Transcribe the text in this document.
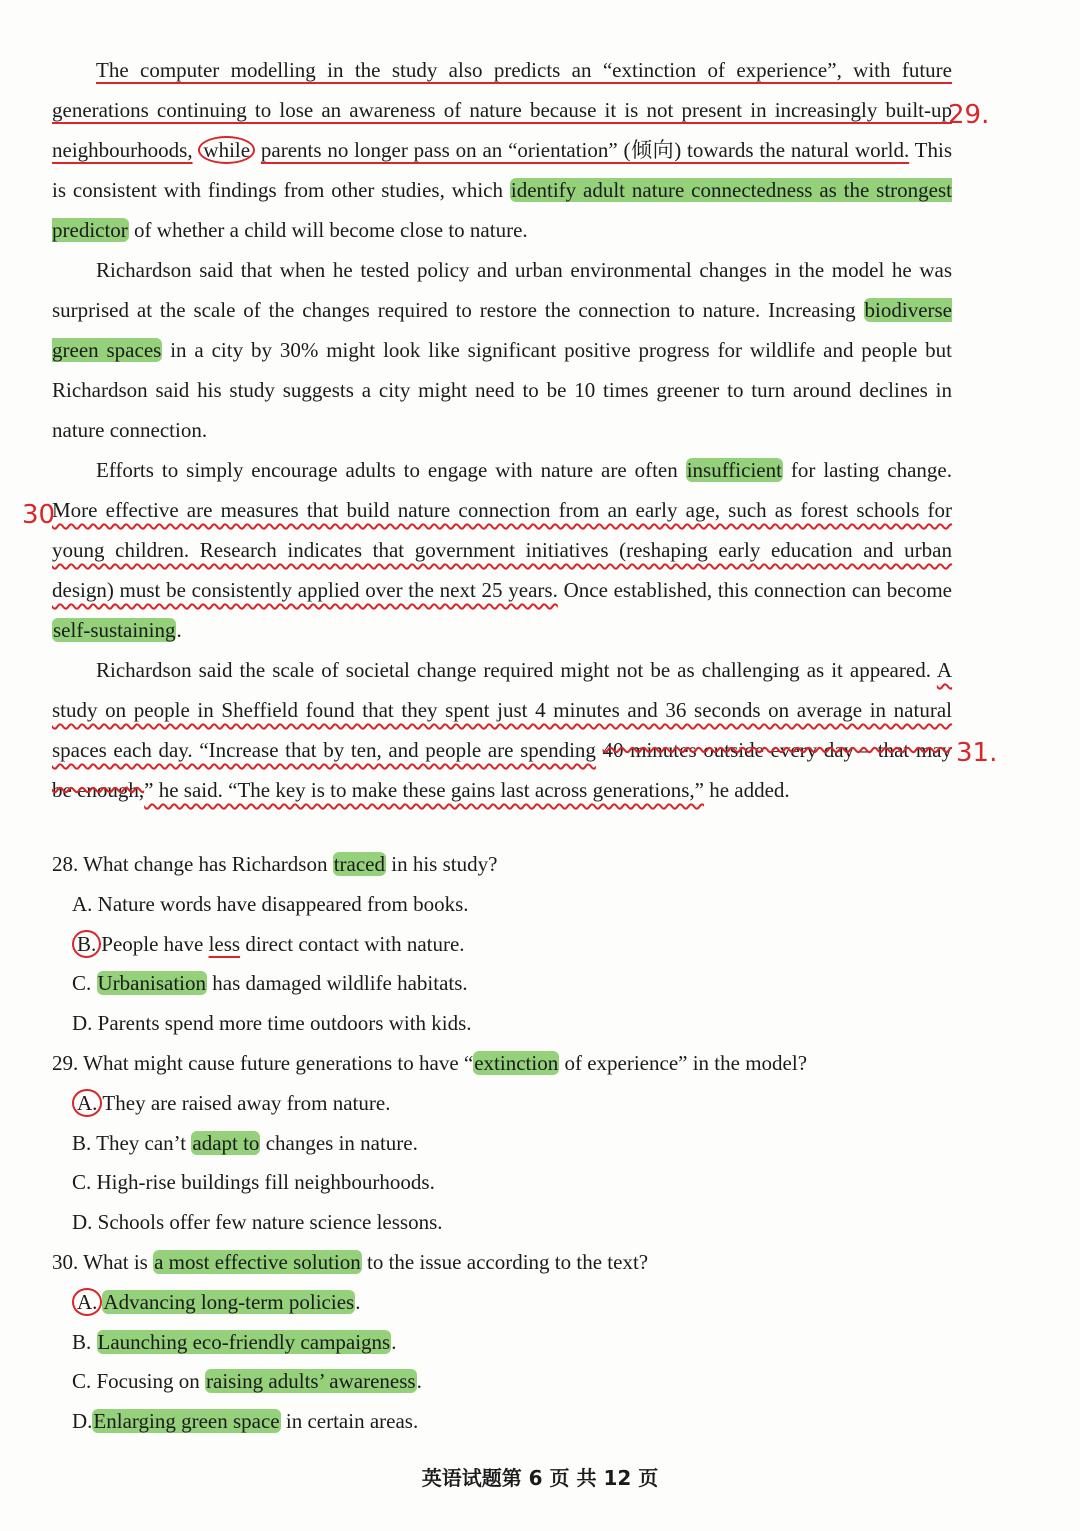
The computer modelling in the study also predicts an “extinction of experience”, with future generations continuing to lose an awareness of nature because it is not present in increasingly built-up neighbourhoods, while parents no longer pass on an “orientation” (倾向) towards the natural world. This is consistent with findings from other studies, which identify adult nature connectedness as the strongest predictor of whether a child will become close to nature.

Richardson said that when he tested policy and urban environmental changes in the model he was surprised at the scale of the changes required to restore the connection to nature. Increasing biodiverse green spaces in a city by 30% might look like significant positive progress for wildlife and people but Richardson said his study suggests a city might need to be 10 times greener to turn around declines in nature connection.

Efforts to simply encourage adults to engage with nature are often insufficient for lasting change. More effective are measures that build nature connection from an early age, such as forest schools for young children. Research indicates that government initiatives (reshaping early education and urban design) must be consistently applied over the next 25 years. Once established, this connection can become self-sustaining.

Richardson said the scale of societal change required might not be as challenging as it appeared. A study on people in Sheffield found that they spent just 4 minutes and 36 seconds on average in natural spaces each day. “Increase that by ten, and people are spending 40 minutes outside every day – that may be enough,” he said. “The key is to make these gains last across generations,” he added.

29.
30
31.

28. What change has Richardson traced in his study?

A. Nature words have disappeared from books.

B. People have less direct contact with nature.

C. Urbanisation has damaged wildlife habitats.

D. Parents spend more time outdoors with kids.

29. What might cause future generations to have “extinction of experience” in the model?

A. They are raised away from nature.

B. They can’t adapt to changes in nature.

C. High-rise buildings fill neighbourhoods.

D. Schools offer few nature science lessons.

30. What is a most effective solution to the issue according to the text?

A. Advancing long-term policies.

B. Launching eco-friendly campaigns.

C. Focusing on raising adults’ awareness.

D.Enlarging green space in certain areas.

英语试题第 6 页 共 12 页
